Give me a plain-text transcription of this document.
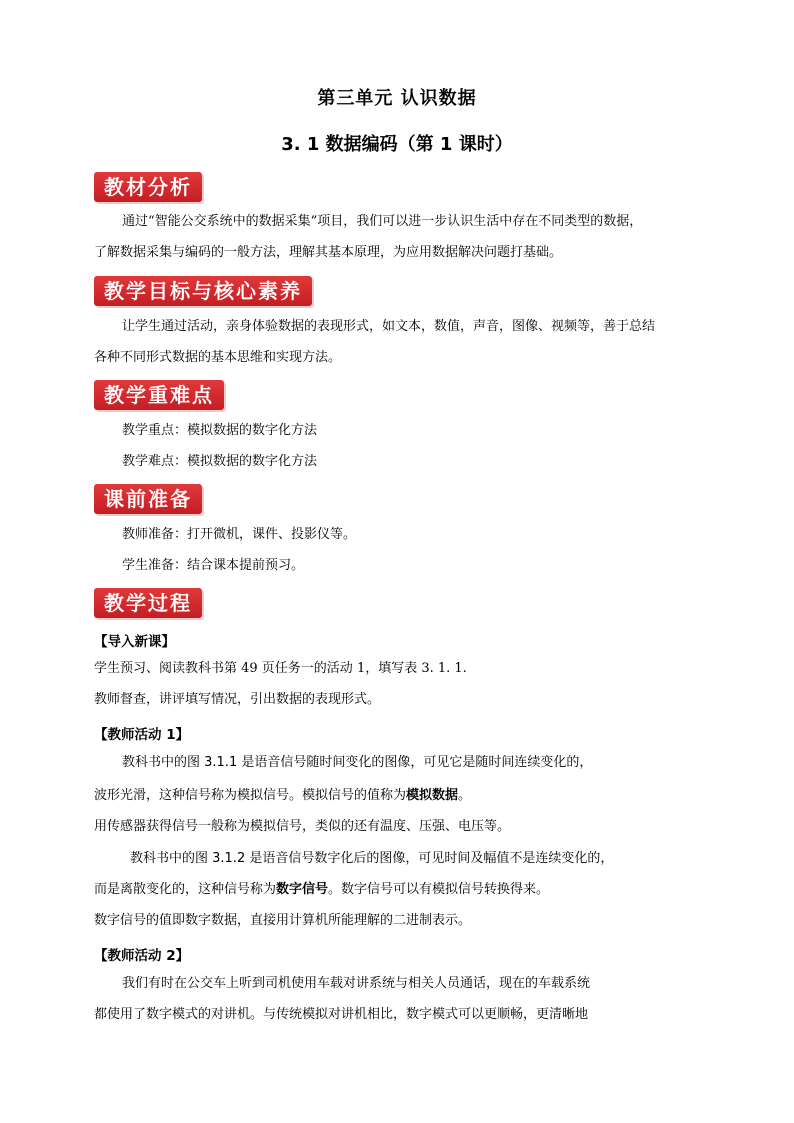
第三单元 认识数据
3. 1 数据编码（第 1 课时）
教材分析
通过“智能公交系统中的数据采集”项目，我们可以进一步认识生活中存在不同类型的数据，
了解数据采集与编码的一般方法，理解其基本原理，为应用数据解决问题打基础。
教学目标与核心素养
让学生通过活动，亲身体验数据的表现形式，如文本，数值，声音，图像、视频等，善于总结
各种不同形式数据的基本思维和实现方法。
教学重难点
教学重点：模拟数据的数字化方法
教学难点：模拟数据的数字化方法
课前准备
教师准备：打开微机，课件、投影仪等。
学生准备：结合课本提前预习。
教学过程
【导入新课】
学生预习、阅读教科书第 49 页任务一的活动 1，填写表 3. 1. 1.
教师督查，讲评填写情况，引出数据的表现形式。
【教师活动 1】
教科书中的图 3.1.1 是语音信号随时间变化的图像，可见它是随时间连续变化的，
波形光滑，这种信号称为模拟信号。模拟信号的值称为模拟数据。
用传感器获得信号一般称为模拟信号，类似的还有温度、压强、电压等。
教科书中的图 3.1.2 是语音信号数字化后的图像，可见时间及幅值不是连续变化的，
而是离散变化的，这种信号称为数字信号。数字信号可以有模拟信号转换得来。
数字信号的值即数字数据，直接用计算机所能理解的二进制表示。
【教师活动 2】
我们有时在公交车上听到司机使用车载对讲系统与相关人员通话，现在的车载系统
都使用了数字模式的对讲机。与传统模拟对讲机相比，数字模式可以更顺畅，更清晰地
